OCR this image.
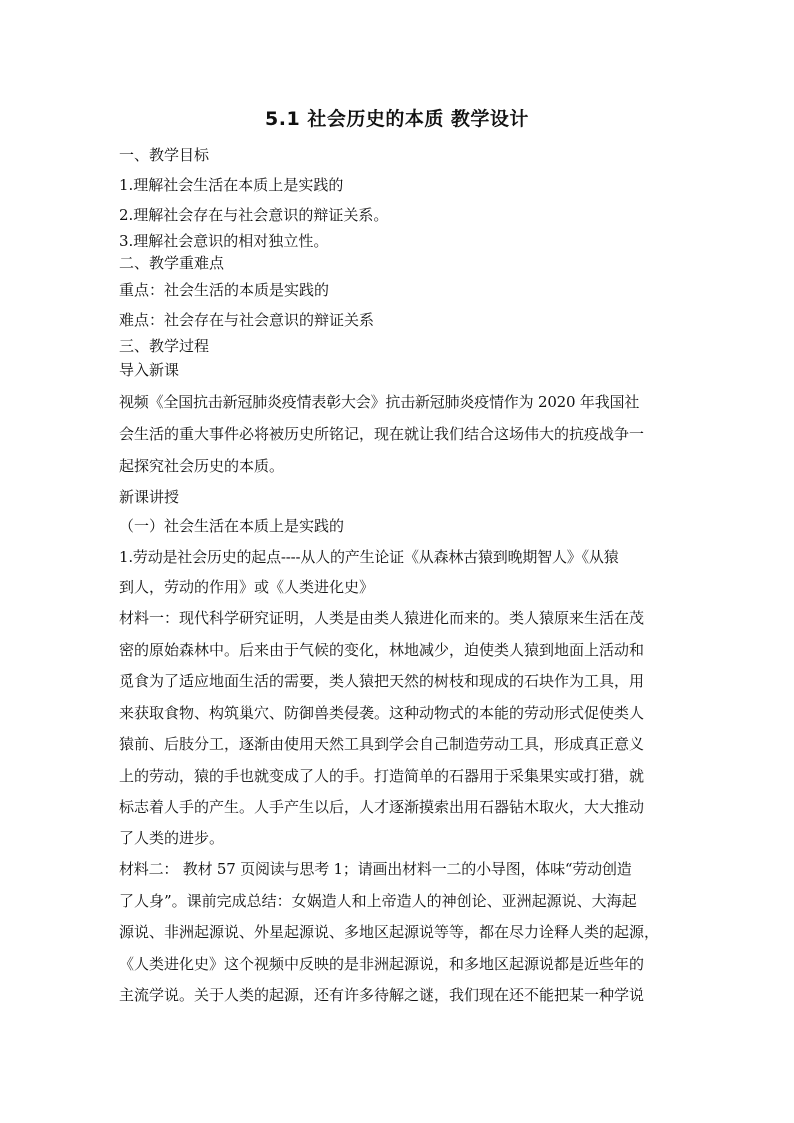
5.1 社会历史的本质 教学设计
一、教学目标
1.理解社会生活在本质上是实践的
2.理解社会存在与社会意识的辩证关系。
3.理解社会意识的相对独立性。
二、教学重难点
重点：社会生活的本质是实践的
难点：社会存在与社会意识的辩证关系
三、教学过程
导入新课
视频《全国抗击新冠肺炎疫情表彰大会》抗击新冠肺炎疫情作为 2020 年我国社
会生活的重大事件必将被历史所铭记，现在就让我们结合这场伟大的抗疫战争一
起探究社会历史的本质。
新课讲授
（一）社会生活在本质上是实践的
1.劳动是社会历史的起点----从人的产生论证《从森林古猿到晚期智人》《从猿
到人，劳动的作用》或《人类进化史》
材料一：现代科学研究证明，人类是由类人猿进化而来的。类人猿原来生活在茂
密的原始森林中。后来由于气候的变化，林地减少，迫使类人猿到地面上活动和
觅食为了适应地面生活的需要，类人猿把天然的树枝和现成的石块作为工具，用
来获取食物、构筑巢穴、防御兽类侵袭。这种动物式的本能的劳动形式促使类人
猿前、后肢分工，逐渐由使用天然工具到学会自己制造劳动工具，形成真正意义
上的劳动，猿的手也就变成了人的手。打造简单的石器用于采集果实或打猎，就
标志着人手的产生。人手产生以后，人才逐渐摸索出用石器钻木取火，大大推动
了人类的进步。
材料二： 教材 57 页阅读与思考 1；请画出材料一二的小导图，体味“劳动创造
了人身”。课前完成总结：女娲造人和上帝造人的神创论、亚洲起源说、大海起
源说、非洲起源说、外星起源说、多地区起源说等等，都在尽力诠释人类的起源，
《人类进化史》这个视频中反映的是非洲起源说，和多地区起源说都是近些年的
主流学说。关于人类的起源，还有许多待解之谜，我们现在还不能把某一种学说
